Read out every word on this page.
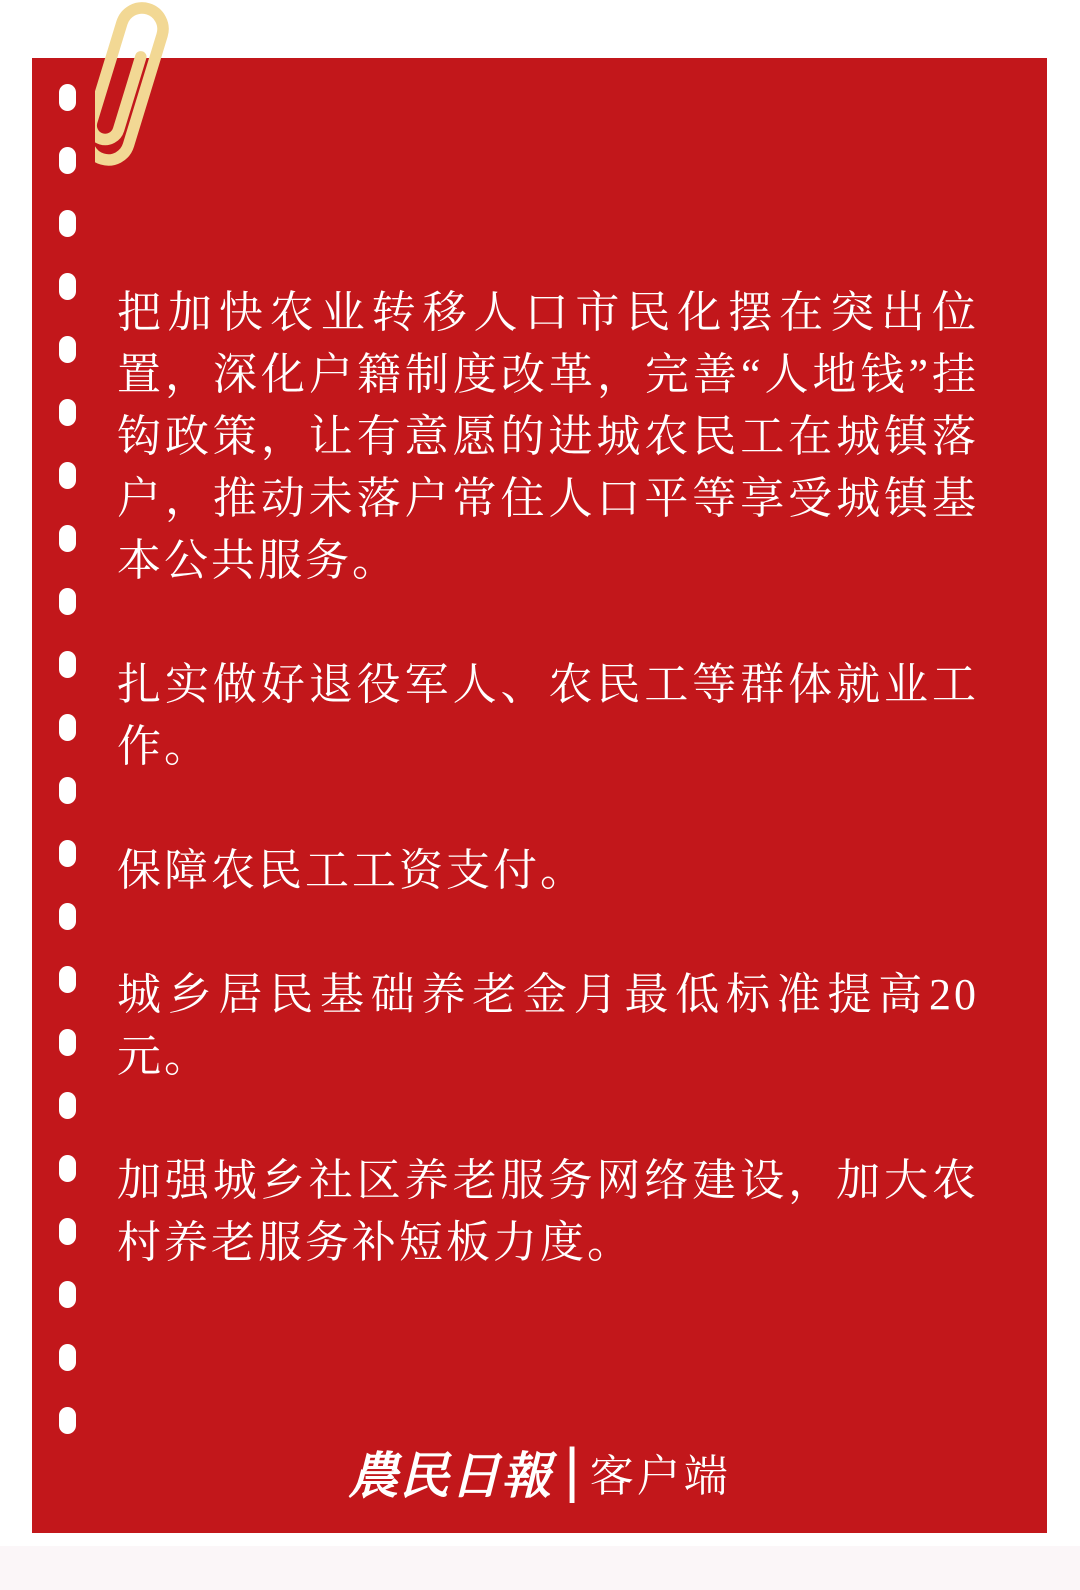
把加快农业转移人口市民化摆在突出位置，深化户籍制度改革，完善“人地钱”挂钩政策，让有意愿的进城农民工在城镇落户，推动未落户常住人口平等享受城镇基本公共服务。

扎实做好退役军人、农民工等群体就业工作。

保障农民工工资支付。

城乡居民基础养老金月最低标准提高20元。

加强城乡社区养老服务网络建设，加大农村养老服务补短板力度。

農民日報 | 客户端
